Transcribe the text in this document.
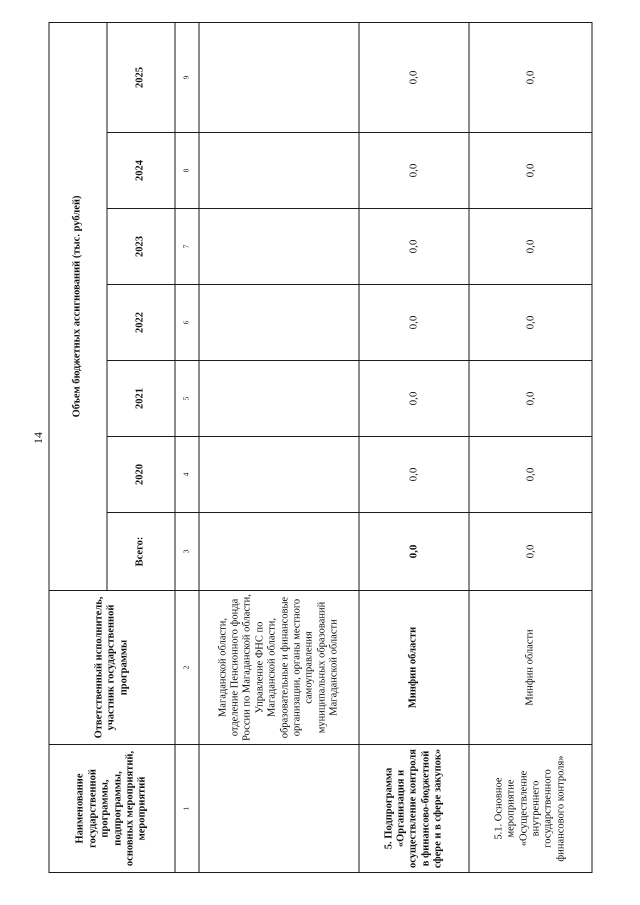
14
Наименование государственной программы, подпрограммы, основных мероприятий, мероприятий	Ответственный исполнитель, участник государственной программы	Объем бюджетных ассигнований (тыс. рублей)						
		Всего:	2020	2021	2022	2023	2024	2025
1	2	3	4	5	6	7	8	9
	Магаданской области, отделение Пенсионного фонда России по Магаданской области, Управление ФНС по Магаданской области, образовательные и финансовые организации, органы местного самоуправления муниципальных образований Магаданской области							
5. Подпрограмма «Организация и осуществление контроля в финансово-бюджетной сфере и в сфере закупок»	Минфин области	0,0	0,0	0,0	0,0	0,0	0,0	0,0
5.1. Основное мероприятие «Осуществление внутреннего государственного финансового контроля»	Минфин области	0,0	0,0	0,0	0,0	0,0	0,0	0,0
